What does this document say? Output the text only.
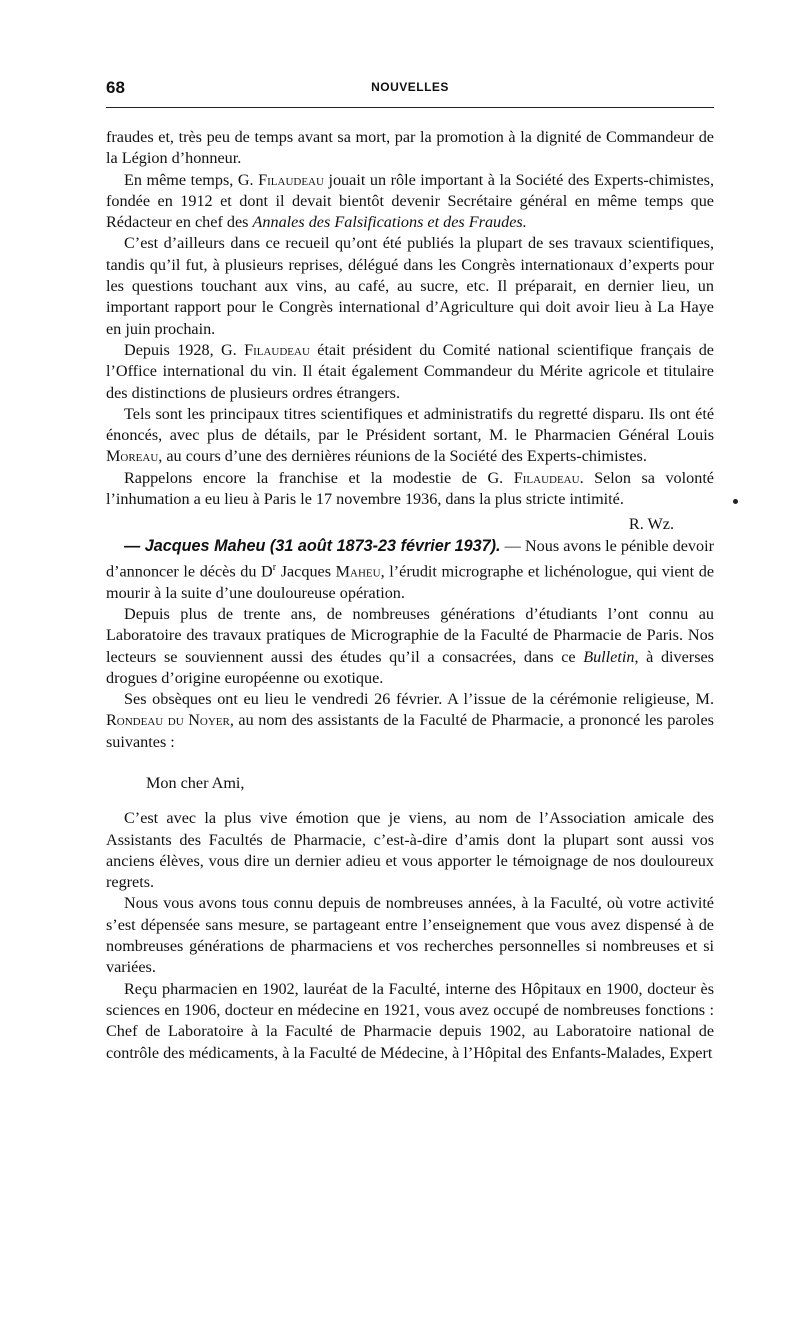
68	NOUVELLES

fraudes et, très peu de temps avant sa mort, par la promotion à la dignité de Commandeur de la Légion d’honneur.

En même temps, G. Filaudeau jouait un rôle important à la Société des Experts-chimistes, fondée en 1912 et dont il devait bientôt devenir Secrétaire général en même temps que Rédacteur en chef des Annales des Falsifications et des Fraudes.

C’est d’ailleurs dans ce recueil qu’ont été publiés la plupart de ses travaux scientifiques, tandis qu’il fut, à plusieurs reprises, délégué dans les Congrès internationaux d’experts pour les questions touchant aux vins, au café, au sucre, etc. Il préparait, en dernier lieu, un important rapport pour le Congrès international d’Agriculture qui doit avoir lieu à La Haye en juin prochain.

Depuis 1928, G. Filaudeau était président du Comité national scientifique français de l’Office international du vin. Il était également Commandeur du Mérite agricole et titulaire des distinctions de plusieurs ordres étrangers.

Tels sont les principaux titres scientifiques et administratifs du regretté disparu. Ils ont été énoncés, avec plus de détails, par le Président sortant, M. le Pharmacien Général Louis Moreau, au cours d’une des dernières réunions de la Société des Experts-chimistes.

Rappelons encore la franchise et la modestie de G. Filaudeau. Selon sa volonté l’inhumation a eu lieu à Paris le 17 novembre 1936, dans la plus stricte intimité.

R. Wz.

— Jacques Maheu (31 août 1873-23 février 1937). — Nous avons le pénible devoir d’annoncer le décès du $D^r$ Jacques Maheu, l’érudit micrographe et lichénologue, qui vient de mourir à la suite d’une douloureuse opération.

Depuis plus de trente ans, de nombreuses générations d’étudiants l’ont connu au Laboratoire des travaux pratiques de Micrographie de la Faculté de Pharmacie de Paris. Nos lecteurs se souviennent aussi des études qu’il a consacrées, dans ce Bulletin, à diverses drogues d’origine européenne ou exotique.

Ses obsèques ont eu lieu le vendredi 26 février. A l’issue de la cérémonie religieuse, M. Rondeau du Noyer, au nom des assistants de la Faculté de Pharmacie, a prononcé les paroles suivantes :

Mon cher Ami,

C’est avec la plus vive émotion que je viens, au nom de l’Association amicale des Assistants des Facultés de Pharmacie, c’est-à-dire d’amis dont la plupart sont aussi vos anciens élèves, vous dire un dernier adieu et vous apporter le témoignage de nos douloureux regrets.

Nous vous avons tous connu depuis de nombreuses années, à la Faculté, où votre activité s’est dépensée sans mesure, se partageant entre l’enseignement que vous avez dispensé à de nombreuses générations de pharmaciens et vos recherches personnelles si nombreuses et si variées.

Reçu pharmacien en 1902, lauréat de la Faculté, interne des Hôpitaux en 1900, docteur ès sciences en 1906, docteur en médecine en 1921, vous avez occupé de nombreuses fonctions : Chef de Laboratoire à la Faculté de Pharmacie depuis 1902, au Laboratoire national de contrôle des médicaments, à la Faculté de Médecine, à l’Hôpital des Enfants-Malades, Expert
